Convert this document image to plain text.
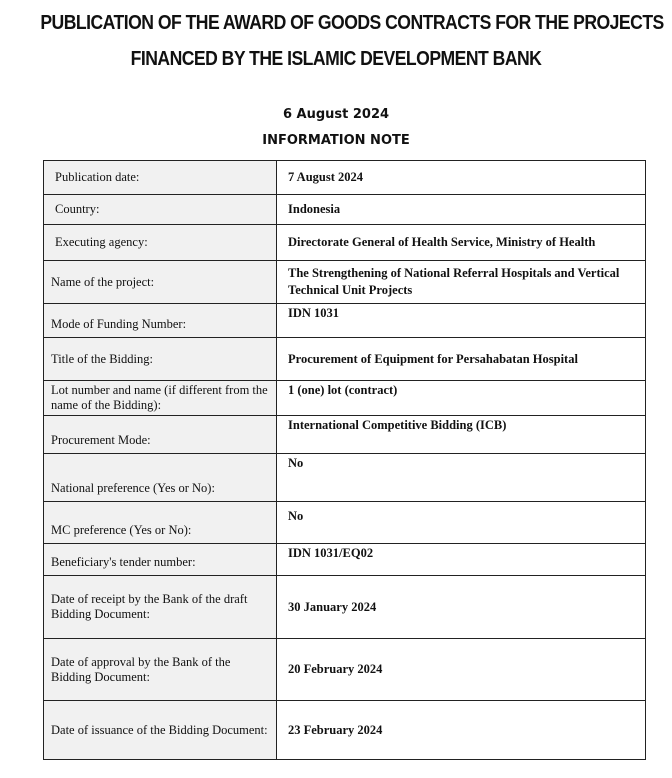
PUBLICATION OF THE AWARD OF GOODS CONTRACTS FOR THE PROJECTS
FINANCED BY THE ISLAMIC DEVELOPMENT BANK
6 August 2024
INFORMATION NOTE
Publication date:	7 August 2024
Country:	Indonesia
Executing agency:	Directorate General of Health Service, Ministry of Health
Name of the project:	The Strengthening of National Referral Hospitals and Vertical Technical Unit Projects
Mode of Funding Number:	IDN 1031
Title of the Bidding:	Procurement of Equipment for Persahabatan Hospital
Lot number and name (if different from the name of the Bidding):	1 (one) lot (contract)
Procurement Mode:	International Competitive Bidding (ICB)
National preference (Yes or No):	No
MC preference (Yes or No):	No
Beneficiary's tender number:	IDN 1031/EQ02
Date of receipt by the Bank of the draft Bidding Document:	30 January 2024
Date of approval by the Bank of the Bidding Document:	20 February 2024
Date of issuance of the Bidding Document:	23 February 2024
